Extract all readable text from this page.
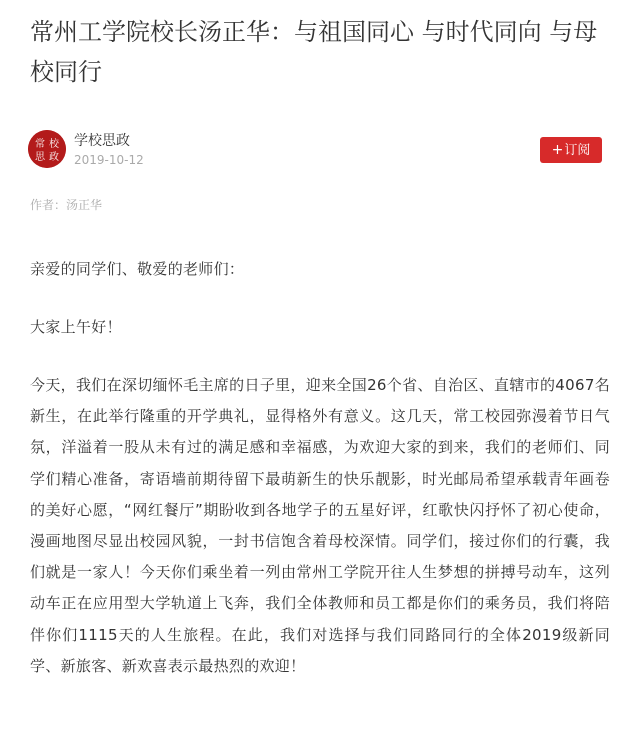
常州工学院校长汤正华：与祖国同心 与时代同向 与母校同行
常 校
思 政
学校思政
2019-10-12
+订阅
作者：汤正华

亲爱的同学们、敬爱的老师们：

大家上午好！

今天，我们在深切缅怀毛主席的日子里，迎来全国26个省、自治区、直辖市的4067名新生，在此举行隆重的开学典礼，显得格外有意义。这几天，常工校园弥漫着节日气氛，洋溢着一股从未有过的满足感和幸福感，为欢迎大家的到来，我们的老师们、同学们精心准备，寄语墙前期待留下最萌新生的快乐靓影，时光邮局希望承载青年画卷的美好心愿，“网红餐厅”期盼收到各地学子的五星好评，红歌快闪抒怀了初心使命，漫画地图尽显出校园风貌，一封书信饱含着母校深情。同学们，接过你们的行囊，我们就是一家人！今天你们乘坐着一列由常州工学院开往人生梦想的拼搏号动车，这列动车正在应用型大学轨道上飞奔，我们全体教师和员工都是你们的乘务员，我们将陪伴你们1115天的人生旅程。在此，我们对选择与我们同路同行的全体2019级新同学、新旅客、新欢喜表示最热烈的欢迎！
